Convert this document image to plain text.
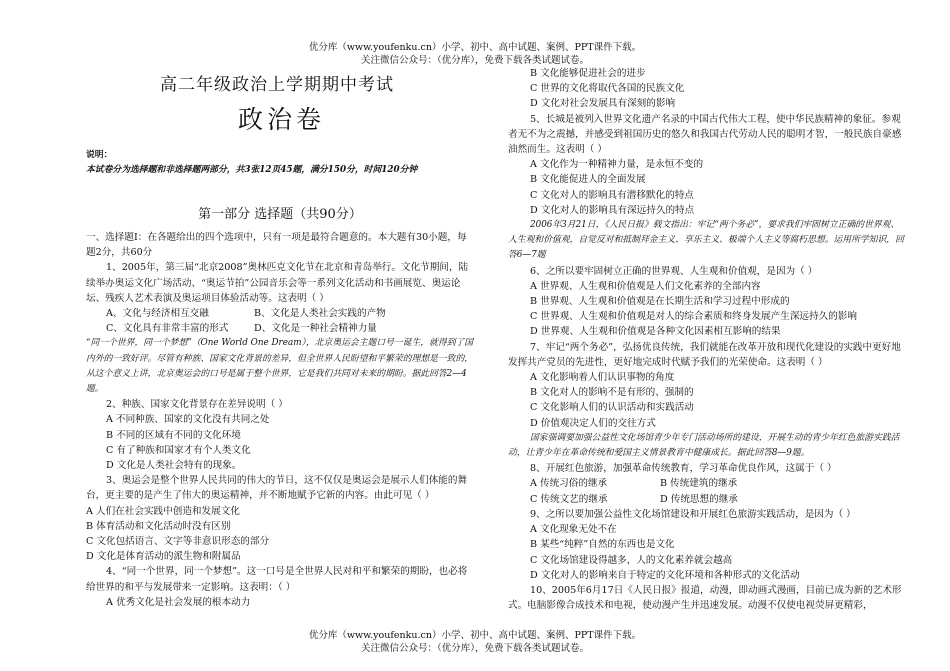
优分库（www.youfenku.cn）小学、初中、高中试题、案例、PPT课件下载。
关注微信公众号：（优分库），免费下载各类试题试卷。
高二年级政治上学期期中考试
政治卷
说明：
本试卷分为选择题和非选择题两部分，共3张12页45题，满分150分，时间120分钟
第一部分 选择题（共90分）
一、选择题Ⅰ：在各题给出的四个选项中，只有一项是最符合题意的。本大题有30小题，每题2分，共60分
1、2005年，第三届“北京2008”奥林匹克文化节在北京和青岛举行。文化节期间，陆续举办奥运文化广场活动、“奥运节拍”公园音乐会等一系列文化活动和书画展览、奥运论坛、残疾人艺术表演及奥运项目体验活动等。这表明（ ）
A、文化与经济相互交融	B、文化是人类社会实践的产物
C、文化具有非常丰富的形式	D、文化是一种社会精神力量
“同一个世界，同一个梦想”（One World One Dream），北京奥运会主题口号一诞生，就得到了国内外的一致好评。尽管有种族、国家文化背景的差异，但全世界人民盼望和平繁荣的理想是一致的，从这个意义上讲，北京奥运会的口号是属于整个世界，它是我们共同对未来的期盼。据此回答2—4题。
2、种族、国家文化背景存在差异说明（ ）
A 不同种族、国家的文化没有共同之处
B 不同的区域有不同的文化环境
C 有了种族和国家才有个人类文化
D 文化是人类社会特有的现象。
3、奥运会是整个世界人民共同的伟大的节日，这不仅仅是奥运会是展示人们体能的舞台，更主要的是产生了伟大的奥运精神，并不断地赋予它新的内容。由此可见（ ）
A 人们在社会实践中创造和发展文化
B 体育活动和文化活动时没有区别
C 文化包括语言、文字等非意识形态的部分
D 文化是体育活动的派生物和附属品
4、“同一个世界，同一个梦想”。这一口号是全世界人民对和平和繁荣的期盼，也必将给世界的和平与发展带来一定影响。这表明：（ ）
A 优秀文化是社会发展的根本动力
B 文化能够促进社会的进步
C 世界的文化将取代各国的民族文化
D 文化对社会发展具有深刻的影响
5、长城是被列入世界文化遗产名录的中国古代伟大工程，使中华民族精神的象征。参观者无不为之震撼，并感受到祖国历史的悠久和我国古代劳动人民的聪明才智，一般民族自豪感油然而生。这表明（ ）
A 文化作为一种精神力量，是永恒不变的
B 文化能促进人的全面发展
C 文化对人的影响具有潜移默化的特点
D 文化对人的影响具有深远持久的特点
2006年3月21日，《人民日报》载文指出：牢记“两个务必”，要求我们牢固树立正确的世界观、人生观和价值观，自觉反对和抵制拜金主义、享乐主义、极端个人主义等腐朽思想。运用所学知识，回答6—7题
6、之所以要牢固树立正确的世界观、人生观和价值观，是因为（ ）
A 世界观、人生观和价值观是人们文化素养的全部内容
B 世界观、人生观和价值观是在长期生活和学习过程中形成的
C 世界观、人生观和价值观是对人的综合素质和终身发展产生深远持久的影响
D 世界观、人生观和价值观是各种文化因素相互影响的结果
7、牢记“两个务必”，弘扬优良传统，我们就能在改革开放和现代化建设的实践中更好地发挥共产党员的先进性，更好地完成时代赋予我们的光荣使命。这表明（ ）
A 文化影响着人们认识事物的角度
B 文化对人的影响不是有形的、强制的
C 文化影响人们的认识活动和实践活动
D 价值观决定人们的交往方式
国家强调要加强公益性文化场馆青少年专门活动场所的建设，开展生动的青少年红色旅游实践活动，让青少年在革命传统和爱国主义情景教育中健康成长。据此回答8—9题。
8、开展红色旅游，加强革命传统教育，学习革命优良作风，这属于（ ）
A 传统习俗的继承	B 传统建筑的继承
C 传统文艺的继承	D 传统思想的继承
9、之所以要加强公益性文化场馆建设和开展红色旅游实践活动，是因为（ ）
A 文化现象无处不在
B 某些“纯粹”自然的东西也是文化
C 文化场馆建设得越多，人的文化素养就会越高
D 文化对人的影响来自于特定的文化环境和各种形式的文化活动
10、2005年6月17日《人民日报》报道，动漫，即动画式漫画，目前已成为新的艺术形式。电脑影像合成技术和电视，使动漫产生并迅速发展。动漫不仅使电视荧屏更精彩，
优分库（www.youfenku.cn）小学、初中、高中试题、案例、PPT课件下载。
关注微信公众号：（优分库），免费下载各类试题试卷。
